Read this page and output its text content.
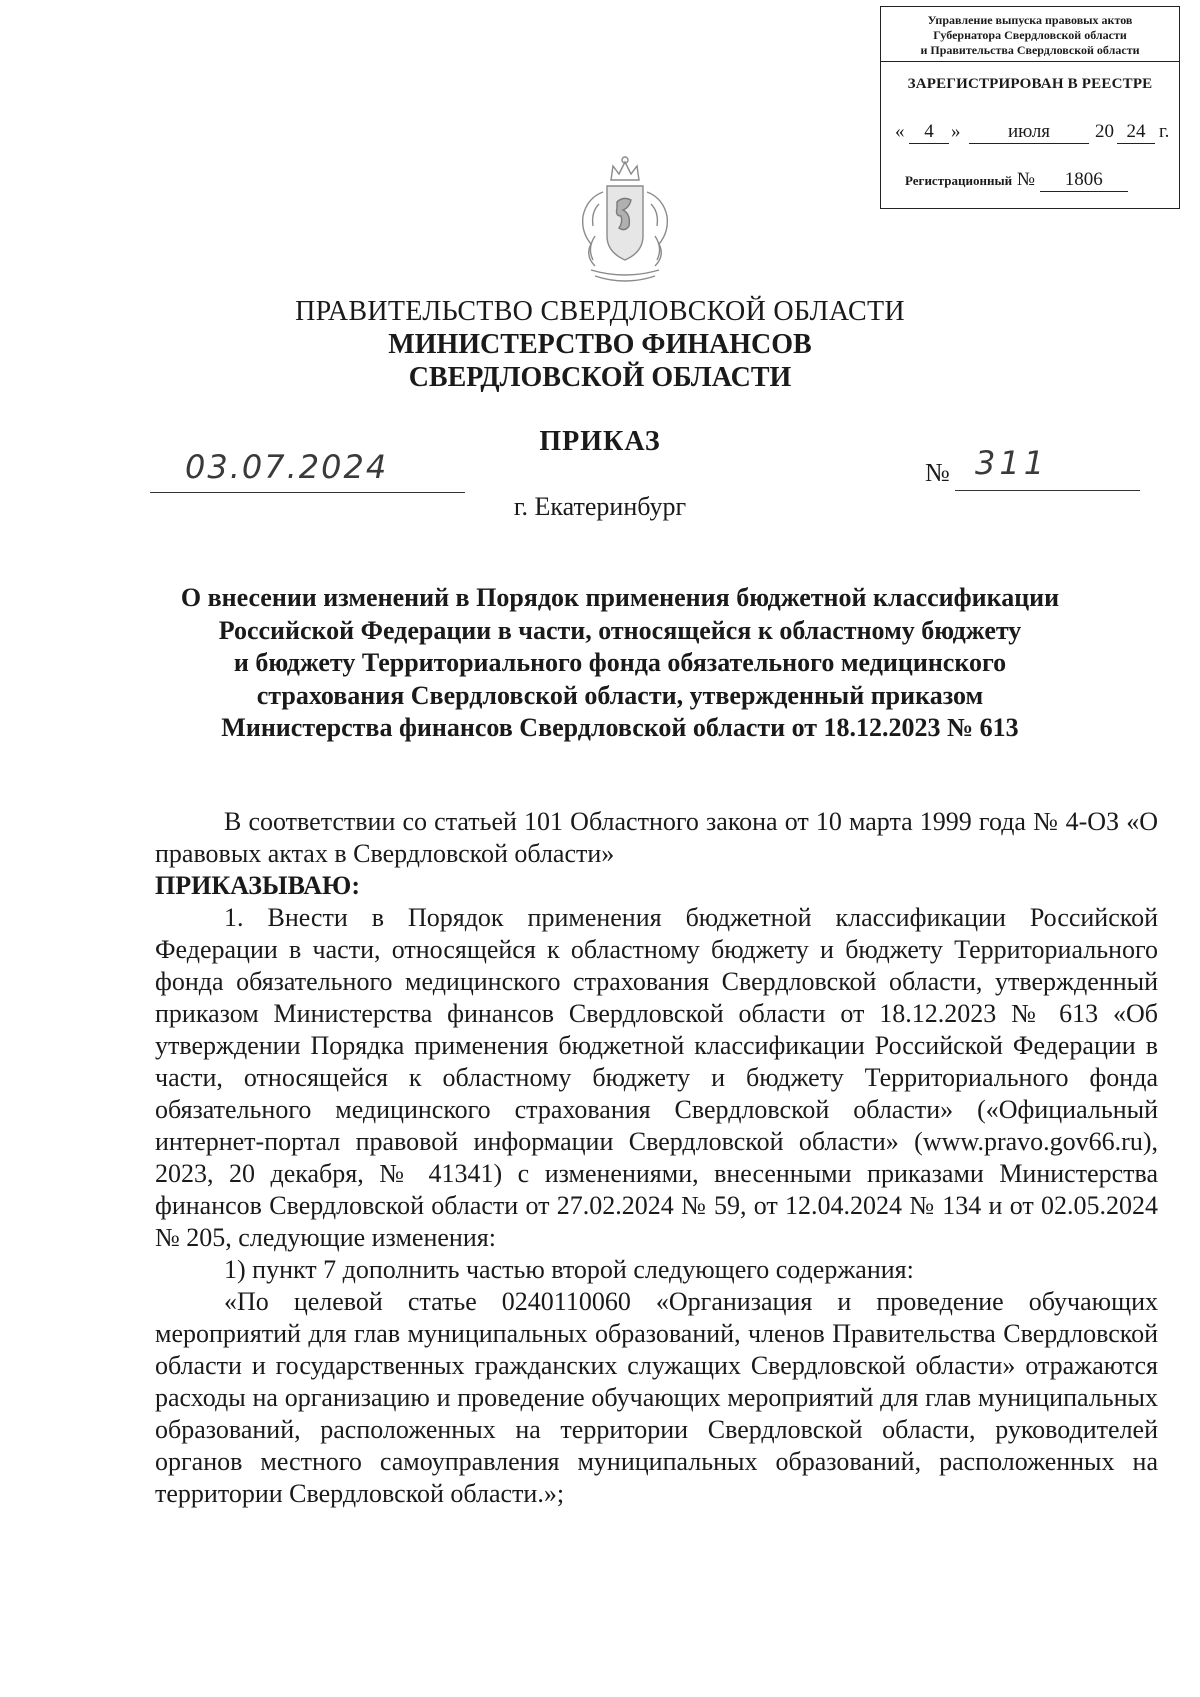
Управление выпуска правовых актов
Губернатора Свердловской области
и Правительства Свердловской области
ЗАРЕГИСТРИРОВАН В РЕЕСТРЕ
«	4 »	июля	20 24 г.
Регистрационный № 1806
ПРАВИТЕЛЬСТВО СВЕРДЛОВСКОЙ ОБЛАСТИ
МИНИСТЕРСТВО ФИНАНСОВ
СВЕРДЛОВСКОЙ ОБЛАСТИ
ПРИКАЗ
03.07.2024	№ 311
г. Екатеринбург
О внесении изменений в Порядок применения бюджетной классификации
Российской Федерации в части, относящейся к областному бюджету
и бюджету Территориального фонда обязательного медицинского
страхования Свердловской области, утвержденный приказом
Министерства финансов Свердловской области от 18.12.2023 № 613

В соответствии со статьей 101 Областного закона от 10 марта 1999 года № 4-ОЗ «О правовых актах в Свердловской области»

ПРИКАЗЫВАЮ:

1. Внести в Порядок применения бюджетной классификации Российской Федерации в части, относящейся к областному бюджету и бюджету Территориального фонда обязательного медицинского страхования Свердловской области, утвержденный приказом Министерства финансов Свердловской области от 18.12.2023 № 613 «Об утверждении Порядка применения бюджетной классификации Российской Федерации в части, относящейся к областному бюджету и бюджету Территориального фонда обязательного медицинского страхования Свердловской области» («Официальный интернет-портал правовой информации Свердловской области» (www.pravo.gov66.ru), 2023, 20 декабря, № 41341) с изменениями, внесенными приказами Министерства финансов Свердловской области от 27.02.2024 № 59, от 12.04.2024 № 134 и от 02.05.2024 № 205, следующие изменения:

1) пункт 7 дополнить частью второй следующего содержания:

«По целевой статье 0240110060 «Организация и проведение обучающих мероприятий для глав муниципальных образований, членов Правительства Свердловской области и государственных гражданских служащих Свердловской области» отражаются расходы на организацию и проведение обучающих мероприятий для глав муниципальных образований, расположенных на территории Свердловской области, руководителей органов местного самоуправления муниципальных образований, расположенных на территории Свердловской области.»;
